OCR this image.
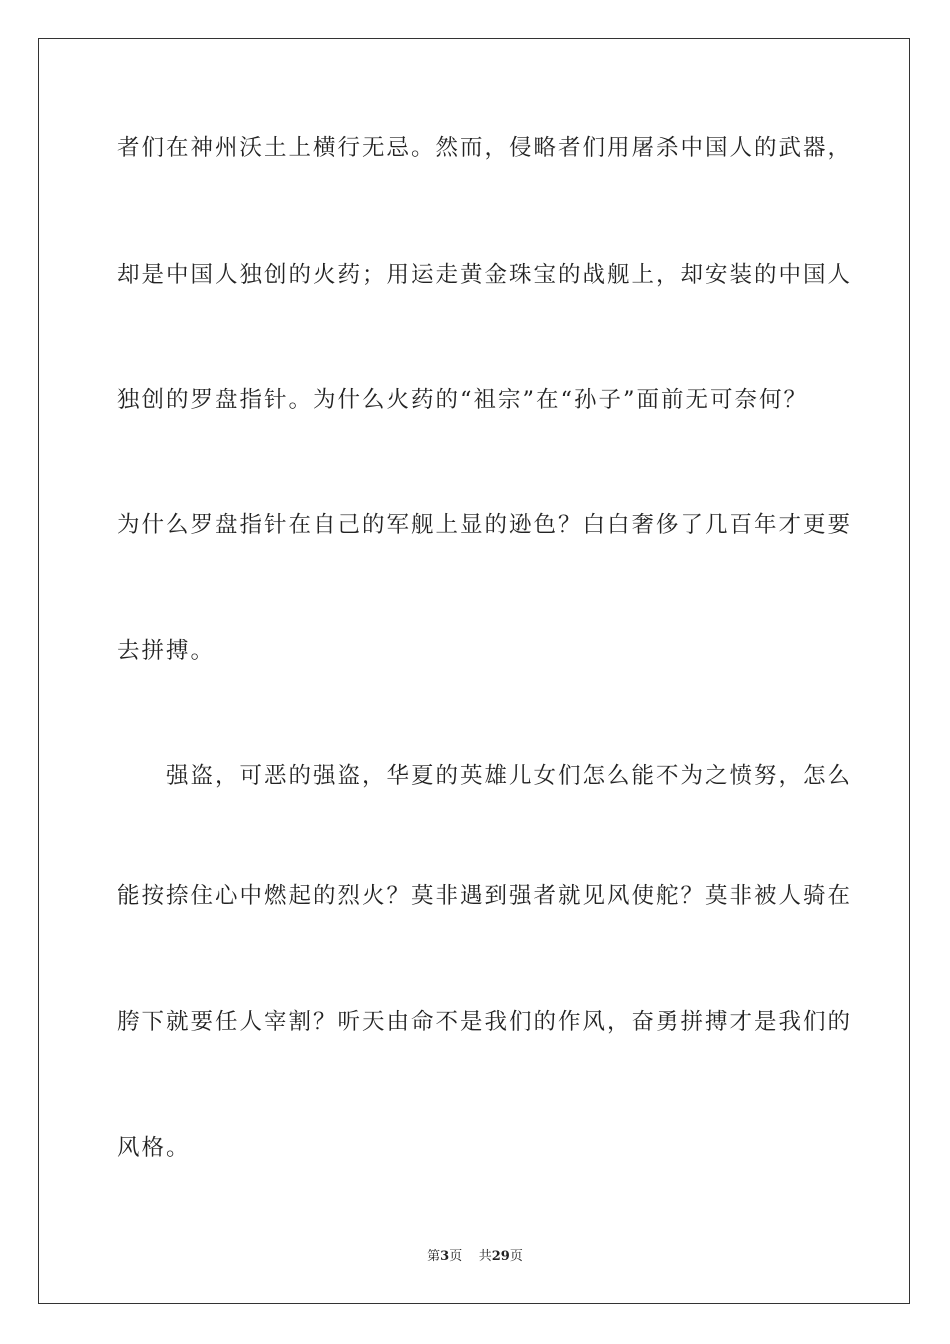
者们在神州沃土上横行无忌。然而，侵略者们用屠杀中国人的武器，
却是中国人独创的火药；用运走黄金珠宝的战舰上，却安装的中国人
独创的罗盘指针。为什么火药的“祖宗”在“孙子”面前无可奈何？
为什么罗盘指针在自己的军舰上显的逊色？白白奢侈了几百年才更要
去拼搏。
　　强盗，可恶的强盗，华夏的英雄儿女们怎么能不为之愤努，怎么
能按捺住心中燃起的烈火？莫非遇到强者就见风使舵？莫非被人骑在
胯下就要任人宰割？听天由命不是我们的作风，奋勇拼搏才是我们的
风格。
第3页 共29页
